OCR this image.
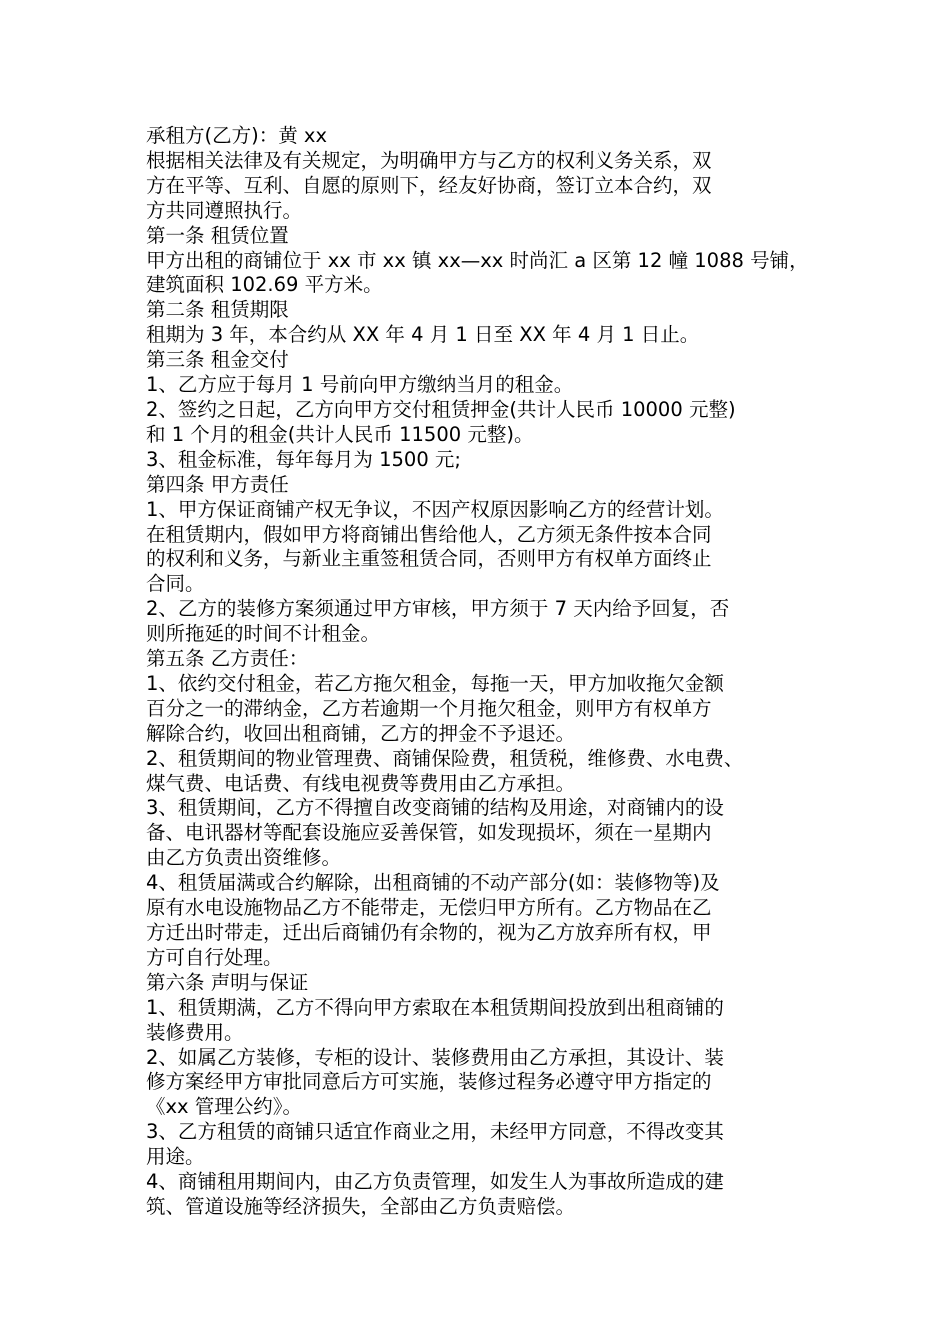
承租方(乙方)：黄 xx
根据相关法律及有关规定，为明确甲方与乙方的权利义务关系，双
方在平等、互利、自愿的原则下，经友好协商，签订立本合约，双
方共同遵照执行。
第一条 租赁位置
甲方出租的商铺位于 xx 市 xx 镇 xx—xx 时尚汇 a 区第 12 幢 1088 号铺，
建筑面积 102.69 平方米。
第二条 租赁期限
租期为 3 年，本合约从 XX 年 4 月 1 日至 XX 年 4 月 1 日止。
第三条 租金交付
1、乙方应于每月 1 号前向甲方缴纳当月的租金。
2、签约之日起，乙方向甲方交付租赁押金(共计人民币 10000 元整)
和 1 个月的租金(共计人民币 11500 元整)。
3、租金标准，每年每月为 1500 元;
第四条 甲方责任
1、甲方保证商铺产权无争议，不因产权原因影响乙方的经营计划。
在租赁期内，假如甲方将商铺出售给他人，乙方须无条件按本合同
的权利和义务，与新业主重签租赁合同，否则甲方有权单方面终止
合同。
2、乙方的装修方案须通过甲方审核，甲方须于 7 天内给予回复，否
则所拖延的时间不计租金。
第五条 乙方责任：
1、依约交付租金，若乙方拖欠租金，每拖一天，甲方加收拖欠金额
百分之一的滞纳金，乙方若逾期一个月拖欠租金，则甲方有权单方
解除合约，收回出租商铺，乙方的押金不予退还。
2、租赁期间的物业管理费、商铺保险费，租赁税，维修费、水电费、
煤气费、电话费、有线电视费等费用由乙方承担。
3、租赁期间，乙方不得擅自改变商铺的结构及用途，对商铺内的设
备、电讯器材等配套设施应妥善保管，如发现损坏，须在一星期内
由乙方负责出资维修。
4、租赁届满或合约解除，出租商铺的不动产部分(如：装修物等)及
原有水电设施物品乙方不能带走，无偿归甲方所有。乙方物品在乙
方迁出时带走，迁出后商铺仍有余物的，视为乙方放弃所有权，甲
方可自行处理。
第六条 声明与保证
1、租赁期满，乙方不得向甲方索取在本租赁期间投放到出租商铺的
装修费用。
2、如属乙方装修，专柜的设计、装修费用由乙方承担，其设计、装
修方案经甲方审批同意后方可实施，装修过程务必遵守甲方指定的
《xx 管理公约》。
3、乙方租赁的商铺只适宜作商业之用，未经甲方同意，不得改变其
用途。
4、商铺租用期间内，由乙方负责管理，如发生人为事故所造成的建
筑、管道设施等经济损失，全部由乙方负责赔偿。
